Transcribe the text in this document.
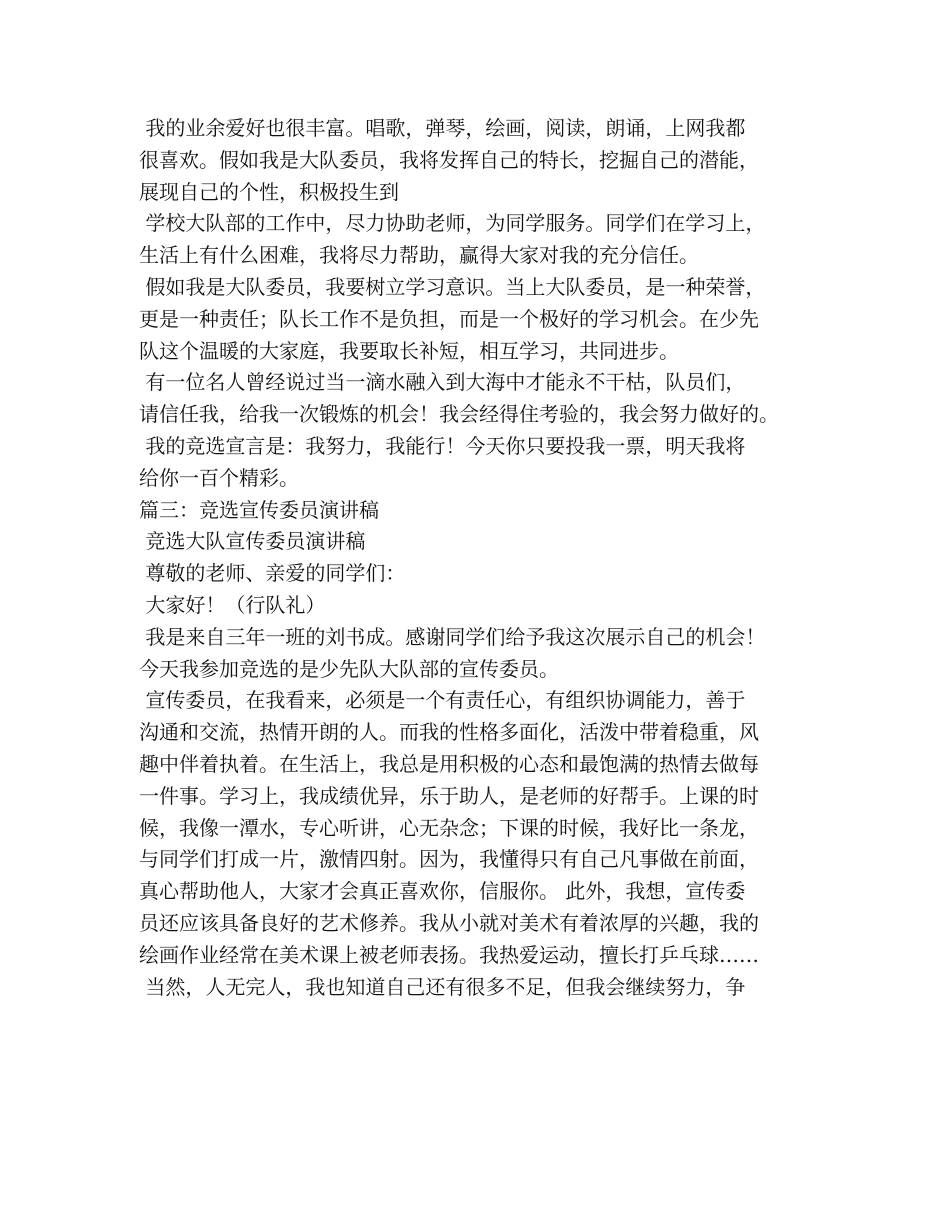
我的业余爱好也很丰富。唱歌，弹琴，绘画，阅读，朗诵，上网我都
很喜欢。假如我是大队委员，我将发挥自己的特长，挖掘自己的潜能，
展现自己的个性，积极投生到
学校大队部的工作中，尽力协助老师，为同学服务。同学们在学习上，
生活上有什么困难，我将尽力帮助，赢得大家对我的充分信任。
假如我是大队委员，我要树立学习意识。当上大队委员，是一种荣誉，
更是一种责任；队长工作不是负担，而是一个极好的学习机会。在少先
队这个温暖的大家庭，我要取长补短，相互学习，共同进步。
有一位名人曾经说过当一滴水融入到大海中才能永不干枯，队员们，
请信任我，给我一次锻炼的机会！我会经得住考验的，我会努力做好的。
我的竞选宣言是：我努力，我能行！今天你只要投我一票，明天我将
给你一百个精彩。
篇三：竞选宣传委员演讲稿
竞选大队宣传委员演讲稿
尊敬的老师、亲爱的同学们：
大家好！（行队礼）
我是来自三年一班的刘书成。感谢同学们给予我这次展示自己的机会！
今天我参加竞选的是少先队大队部的宣传委员。
宣传委员，在我看来，必须是一个有责任心，有组织协调能力，善于
沟通和交流，热情开朗的人。而我的性格多面化，活泼中带着稳重，风
趣中伴着执着。在生活上，我总是用积极的心态和最饱满的热情去做每
一件事。学习上，我成绩优异，乐于助人，是老师的好帮手。上课的时
候，我像一潭水，专心听讲，心无杂念；下课的时候，我好比一条龙，
与同学们打成一片，激情四射。因为，我懂得只有自己凡事做在前面，
真心帮助他人，大家才会真正喜欢你，信服你。 此外，我想，宣传委
员还应该具备良好的艺术修养。我从小就对美术有着浓厚的兴趣，我的
绘画作业经常在美术课上被老师表扬。我热爱运动，擅长打乒乓球……
当然，人无完人，我也知道自己还有很多不足，但我会继续努力，争
